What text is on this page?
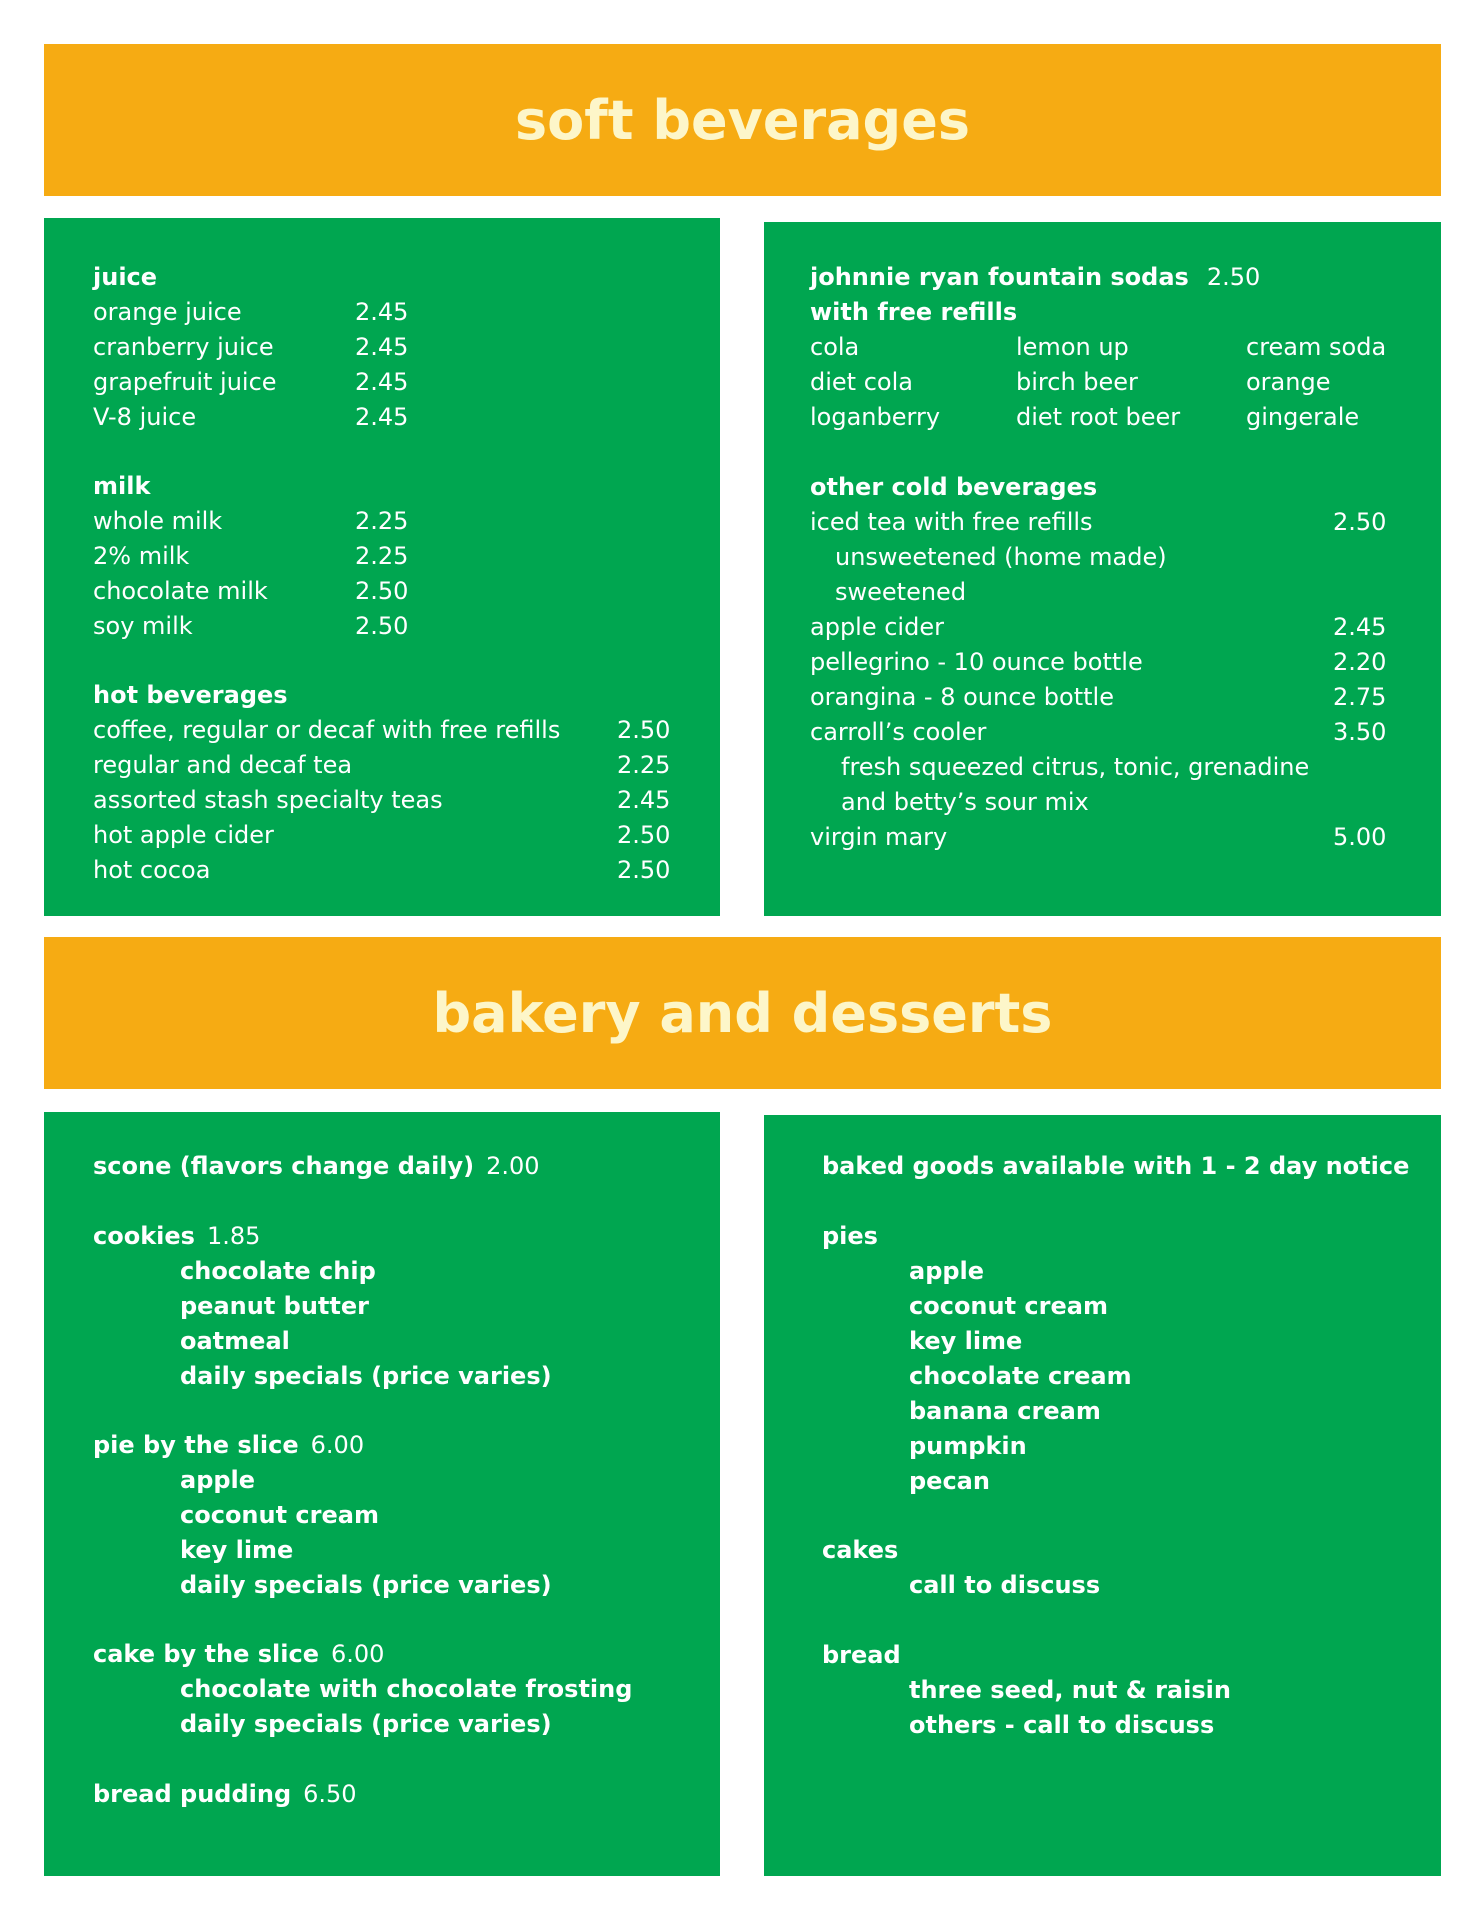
soft beverages
juice
orange juice	2.45
cranberry juice	2.45
grapefruit juice	2.45
V-8 juice	2.45
milk
whole milk	2.25
2% milk	2.25
chocolate milk	2.50
soy milk	2.50
hot beverages
coffee, regular or decaf with free refills 2.50
regular and decaf tea	2.25
assorted stash specialty teas	2.45
hot apple cider	2.50
hot cocoa	2.50
johnnie ryan fountain sodas 2.50
with free refills
cola	lemon up	cream soda
diet cola	birch beer	orange
loganberry	diet root beer	gingerale
other cold beverages
iced tea with free refills	2.50
unsweetened (home made)
sweetened
apple cider	2.45
pellegrino - 10 ounce bottle	2.20
orangina - 8 ounce bottle	2.75
carroll’s cooler	3.50
fresh squeezed citrus, tonic, grenadine
and betty’s sour mix
virgin mary	5.00
bakery and desserts
scone (flavors change daily) 2.00
cookies 1.85
chocolate chip
peanut butter
oatmeal
daily specials (price varies)
pie by the slice 6.00
apple
coconut cream
key lime
daily specials (price varies)
cake by the slice 6.00
chocolate with chocolate frosting
daily specials (price varies)
bread pudding 6.50
baked goods available with 1 - 2 day notice
pies
apple
coconut cream
key lime
chocolate cream
banana cream
pumpkin
pecan
cakes
call to discuss
bread
three seed, nut & raisin
others - call to discuss
